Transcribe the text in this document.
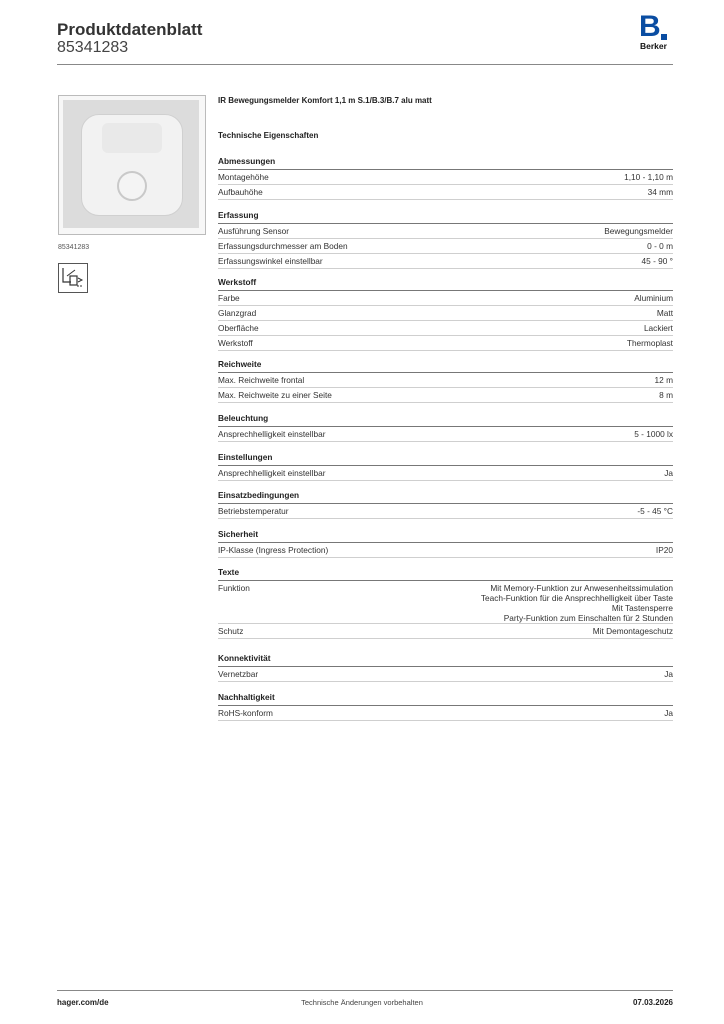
Produktdatenblatt
85341283
B
Berker
85341283
IR Bewegungsmelder Komfort 1,1 m S.1/B.3/B.7 alu matt
Technische Eigenschaften
Abmessungen
Montagehöhe	1,10 - 1,10 m
Aufbauhöhe	34 mm
Erfassung
Ausführung Sensor	Bewegungsmelder
Erfassungsdurchmesser am Boden	0 - 0 m
Erfassungswinkel einstellbar	45 - 90 °
Werkstoff
Farbe	Aluminium
Glanzgrad	Matt
Oberfläche	Lackiert
Werkstoff	Thermoplast
Reichweite
Max. Reichweite frontal	12 m
Max. Reichweite zu einer Seite	8 m
Beleuchtung
Ansprechhelligkeit einstellbar	5 - 1000 lx
Einstellungen
Ansprechhelligkeit einstellbar	Ja
Einsatzbedingungen
Betriebstemperatur	-5 - 45 °C
Sicherheit
IP-Klasse (Ingress Protection)	IP20
Texte
Funktion	Mit Memory-Funktion zur Anwesenheitssimulation
Teach-Funktion für die Ansprechhelligkeit über Taste
Mit Tastensperre
Party-Funktion zum Einschalten für 2 Stunden
Schutz	Mit Demontageschutz
Konnektivität
Vernetzbar	Ja
Nachhaltigkeit
RoHS-konform	Ja
hager.com/de	Technische Änderungen vorbehalten	07.03.2026
